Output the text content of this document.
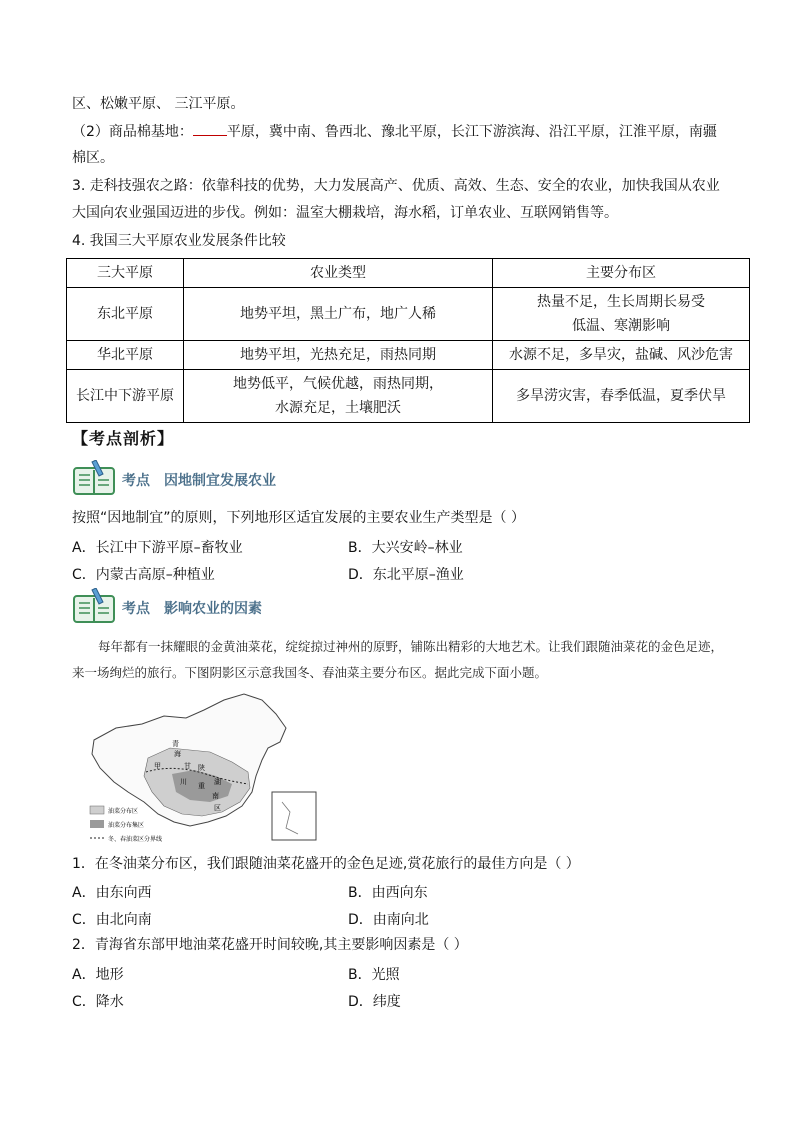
区、松嫩平原、 三江平原。
（2）商品棉基地： 平原，冀中南、鲁西北、豫北平原，长江下游滨海、沿江平原，江淮平原，南疆
棉区。
3. 走科技强农之路：依靠科技的优势，大力发展高产、优质、高效、生态、安全的农业，加快我国从农业
大国向农业强国迈进的步伐。例如：温室大棚栽培，海水稻，订单农业、互联网销售等。
4. 我国三大平原农业发展条件比较
三大平原	农业类型	主要分布区
东北平原	地势平坦，黑土广布，地广人稀	热量不足，生长周期长易受
低温、寒潮影响

华北平原	地势平坦，光热充足，雨热同期	水源不足，多旱灾，盐碱、风沙危害
长江中下游平原	地势低平，气候优越，雨热同期，
水源充足，土壤肥沃	多旱涝灾害，春季低温，夏季伏旱
【考点剖析】
考点 因地制宜发展农业
按照“因地制宜”的原则，下列地形区适宜发展的主要农业生产类型是（ ）
A．长江中下游平原–畜牧业	B．大兴安岭–林业
C．内蒙古高原–种植业	D．东北平原–渔业
考点 影响农业的因素
每年都有一抹耀眼的金黄油菜花，绽绽掠过神州的原野，铺陈出精彩的大地艺术。让我们跟随油菜花的金色足迹，来一场绚烂的旅行。下图阴影区示意我国冬、春油菜主要分布区。据此完成下面小题。
青
海
甲	甘 陕
川 重 湖
南
区
油菜分布区
油菜分布集区
冬、春油菜区分界线
1．在冬油菜分布区，我们跟随油菜花盛开的金色足迹,赏花旅行的最佳方向是（ ）
A．由东向西	B．由西向东
C．由北向南	D．由南向北
2．青海省东部甲地油菜花盛开时间较晚,其主要影响因素是（ ）
A．地形	B．光照
C．降水	D．纬度
